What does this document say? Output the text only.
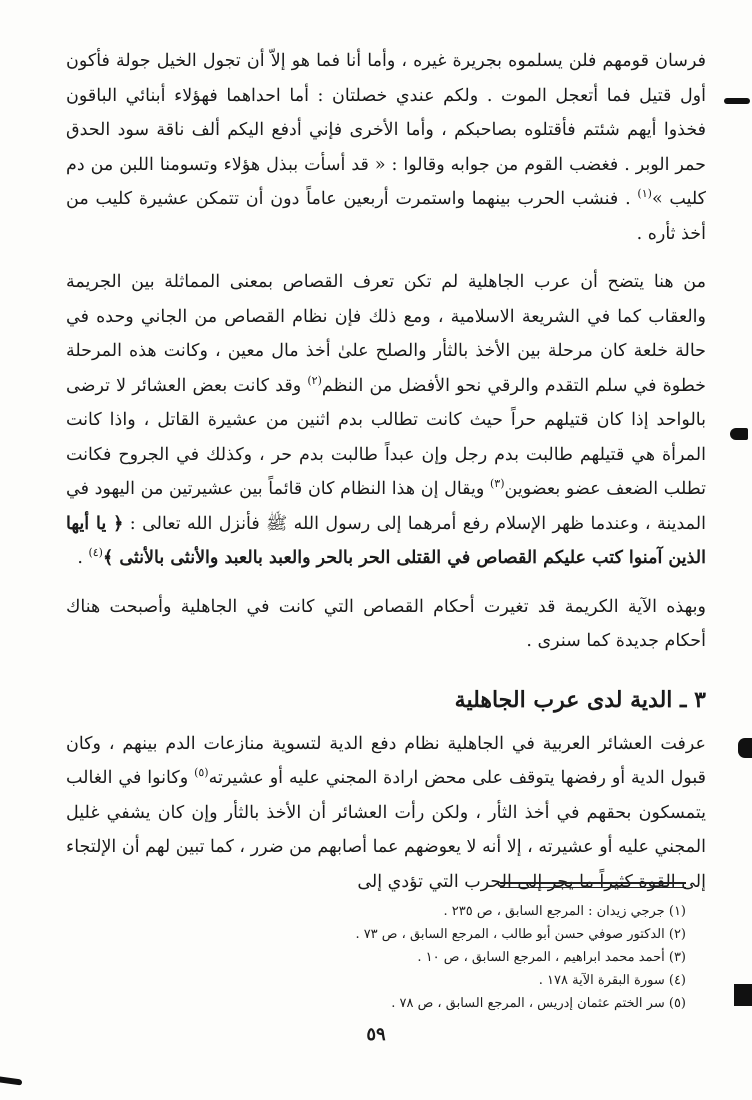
فرسان قومهم فلن يسلموه بجريرة غيره ، وأما أنا فما هو إلاّ أن تجول الخيل جولة فأكون أول قتيل فما أتعجل الموت . ولكم عندي خصلتان : أما احداهما فهؤلاء أبنائي الباقون فخذوا أيهم شئتم فأقتلوه بصاحبكم ، وأما الأخرى فإني أدفع اليكم ألف ناقة سود الحدق حمر الوبر . فغضب القوم من جوابه وقالوا : « قد أسأت ببذل هؤلاء وتسومنا اللبن من دم كليب »$^{(١)}$ . فنشب الحرب بينهما واستمرت أربعين عاماً دون أن تتمكن عشيرة كليب من أخذ ثأره .

من هنا يتضح أن عرب الجاهلية لم تكن تعرف القصاص بمعنى المماثلة بين الجريمة والعقاب كما في الشريعة الاسلامية ، ومع ذلك فإن نظام القصاص من الجاني وحده في حالة خلعة كان مرحلة بين الأخذ بالثأر والصلح علىٰ أخذ مال معين ، وكانت هذه المرحلة خطوة في سلم التقدم والرقي نحو الأفضل من النظم$^{(٢)}$ وقد كانت بعض العشائر لا ترضى بالواحد إذا كان قتيلهم حراً حيث كانت تطالب بدم اثنين من عشيرة القاتل ، واذا كانت المرأة هي قتيلهم طالبت بدم رجل وإن عبداً طالبت بدم حر ، وكذلك في الجروح فكانت تطلب الضعف عضو بعضوين$^{(٣)}$ ويقال إن هذا النظام كان قائماً بين عشيرتين من اليهود في المدينة ، وعندما ظهر الإسلام رفع أمرهما إلى رسول الله ﷺ فأنزل الله تعالى : ﴿ يا أيها الذين آمنوا كتب عليكم القصاص في القتلى الحر بالحر والعبد بالعبد والأنثى بالأنثى ﴾$^{(٤)}$ .

وبهذه الآية الكريمة قد تغيرت أحكام القصاص التي كانت في الجاهلية وأصبحت هناك أحكام جديدة كما سنرى .

٣ ـ الدية لدى عرب الجاهلية

عرفت العشائر العربية في الجاهلية نظام دفع الدية لتسوية منازعات الدم بينهم ، وكان قبول الدية أو رفضها يتوقف على محض ارادة المجني عليه أو عشيرته$^{(٥)}$ وكانوا في الغالب يتمسكون بحقهم في أخذ الثأر ، ولكن رأت العشائر أن الأخذ بالثأر وإن كان يشفي غليل المجني عليه أو عشيرته ، إلا أنه لا يعوضهم عما أصابهم من ضرر ، كما تبين لهم أن الإلتجاء إلى القوة كثيراً ما يجر إلى الحرب التي تؤدي إلى

(١) جرجي زيدان : المرجع السابق ، ص ٢٣٥ .
(٢) الدكتور صوفي حسن أبو طالب ، المرجع السابق ، ص ٧٣ .
(٣) أحمد محمد ابراهيم ، المرجع السابق ، ص ١٠ .
(٤) سورة البقرة الآية ١٧٨ .
(٥) سر الختم عثمان إدريس ، المرجع السابق ، ص ٧٨ .
٥٩
